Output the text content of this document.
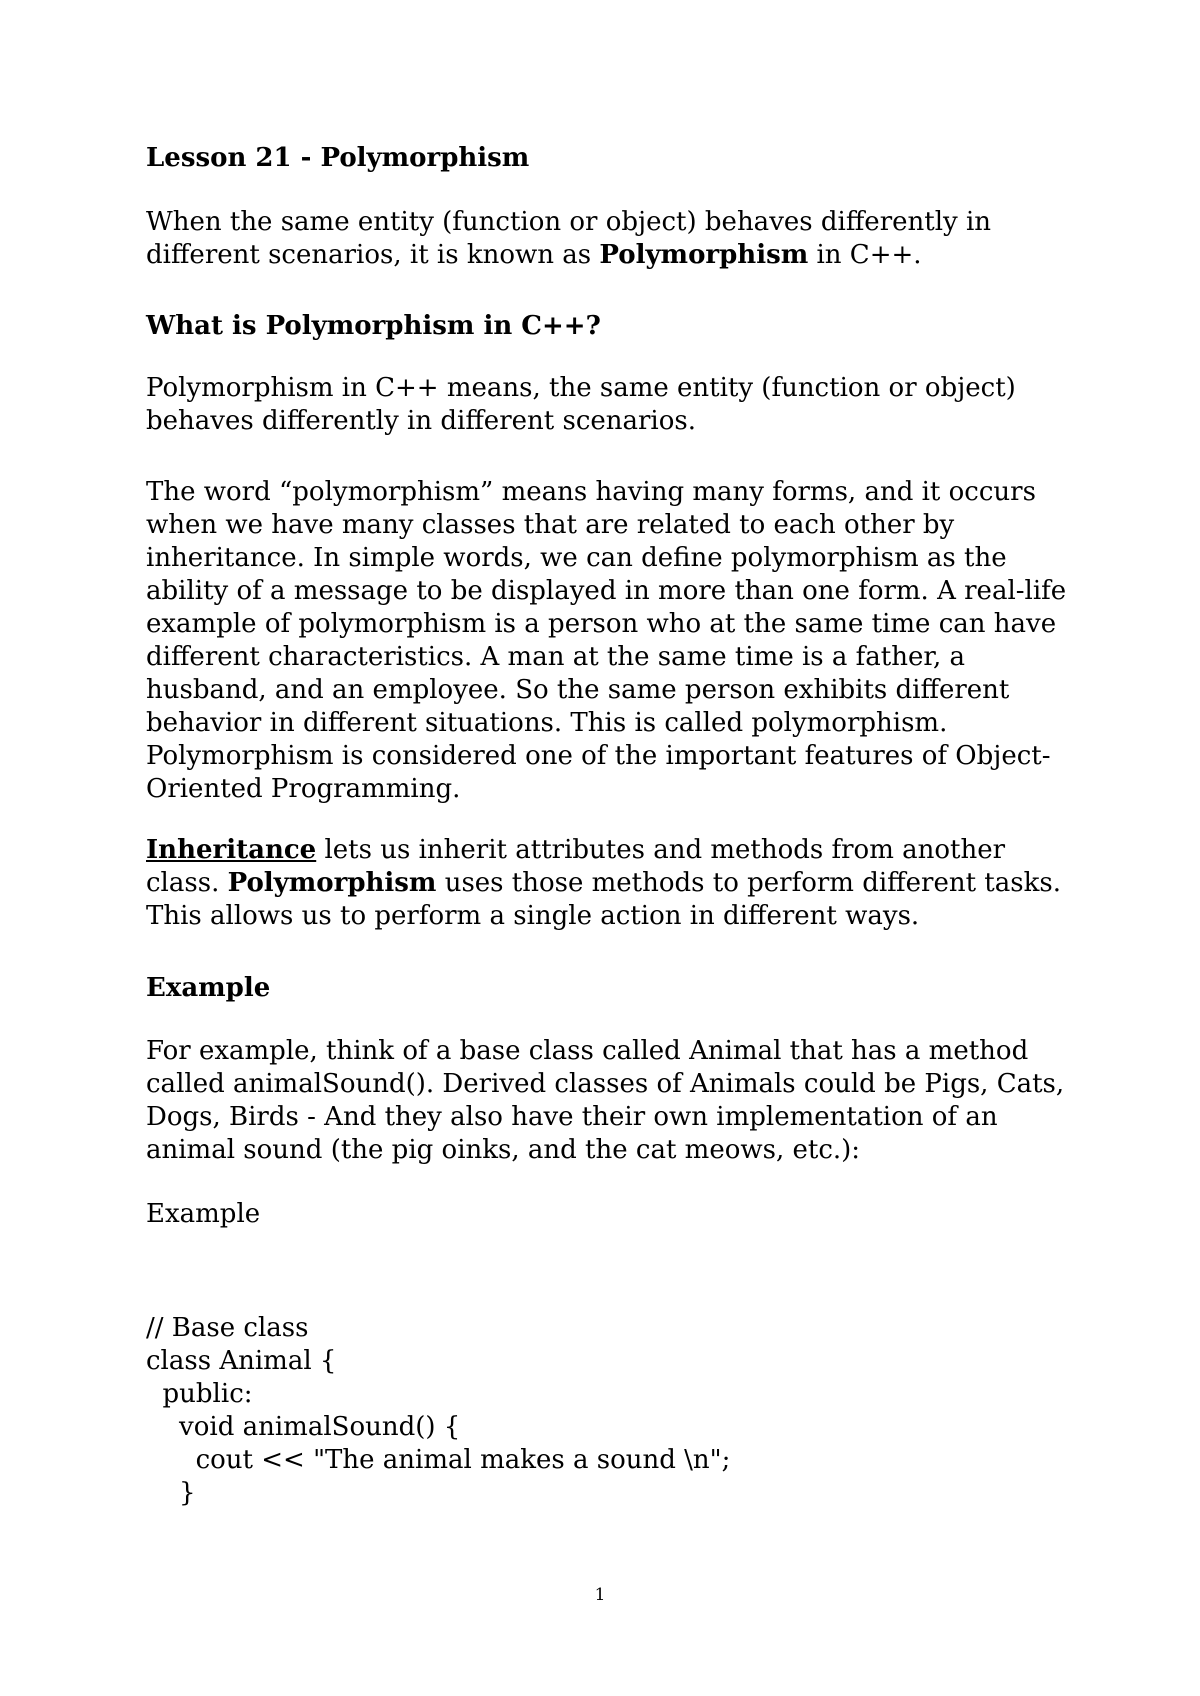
Lesson 21 - Polymorphism

When the same entity (function or object) behaves differently in different scenarios, it is known as Polymorphism in C++.

What is Polymorphism in C++?

Polymorphism in C++ means, the same entity (function or object) behaves differently in different scenarios.

The word “polymorphism” means having many forms, and it occurs when we have many classes that are related to each other by inheritance. In simple words, we can define polymorphism as the ability of a message to be displayed in more than one form. A real-life example of polymorphism is a person who at the same time can have different characteristics. A man at the same time is a father, a husband, and an employee. So the same person exhibits different behavior in different situations. This is called polymorphism. Polymorphism is considered one of the important features of Object-Oriented Programming.

Inheritance lets us inherit attributes and methods from another class. Polymorphism uses those methods to perform different tasks. This allows us to perform a single action in different ways.

Example

For example, think of a base class called Animal that has a method called animalSound(). Derived classes of Animals could be Pigs, Cats, Dogs, Birds - And they also have their own implementation of an animal sound (the pig oinks, and the cat meows, etc.):

Example

// Base class
class Animal {
public:
void animalSound() {
cout << "The animal makes a sound \n";
}

1
